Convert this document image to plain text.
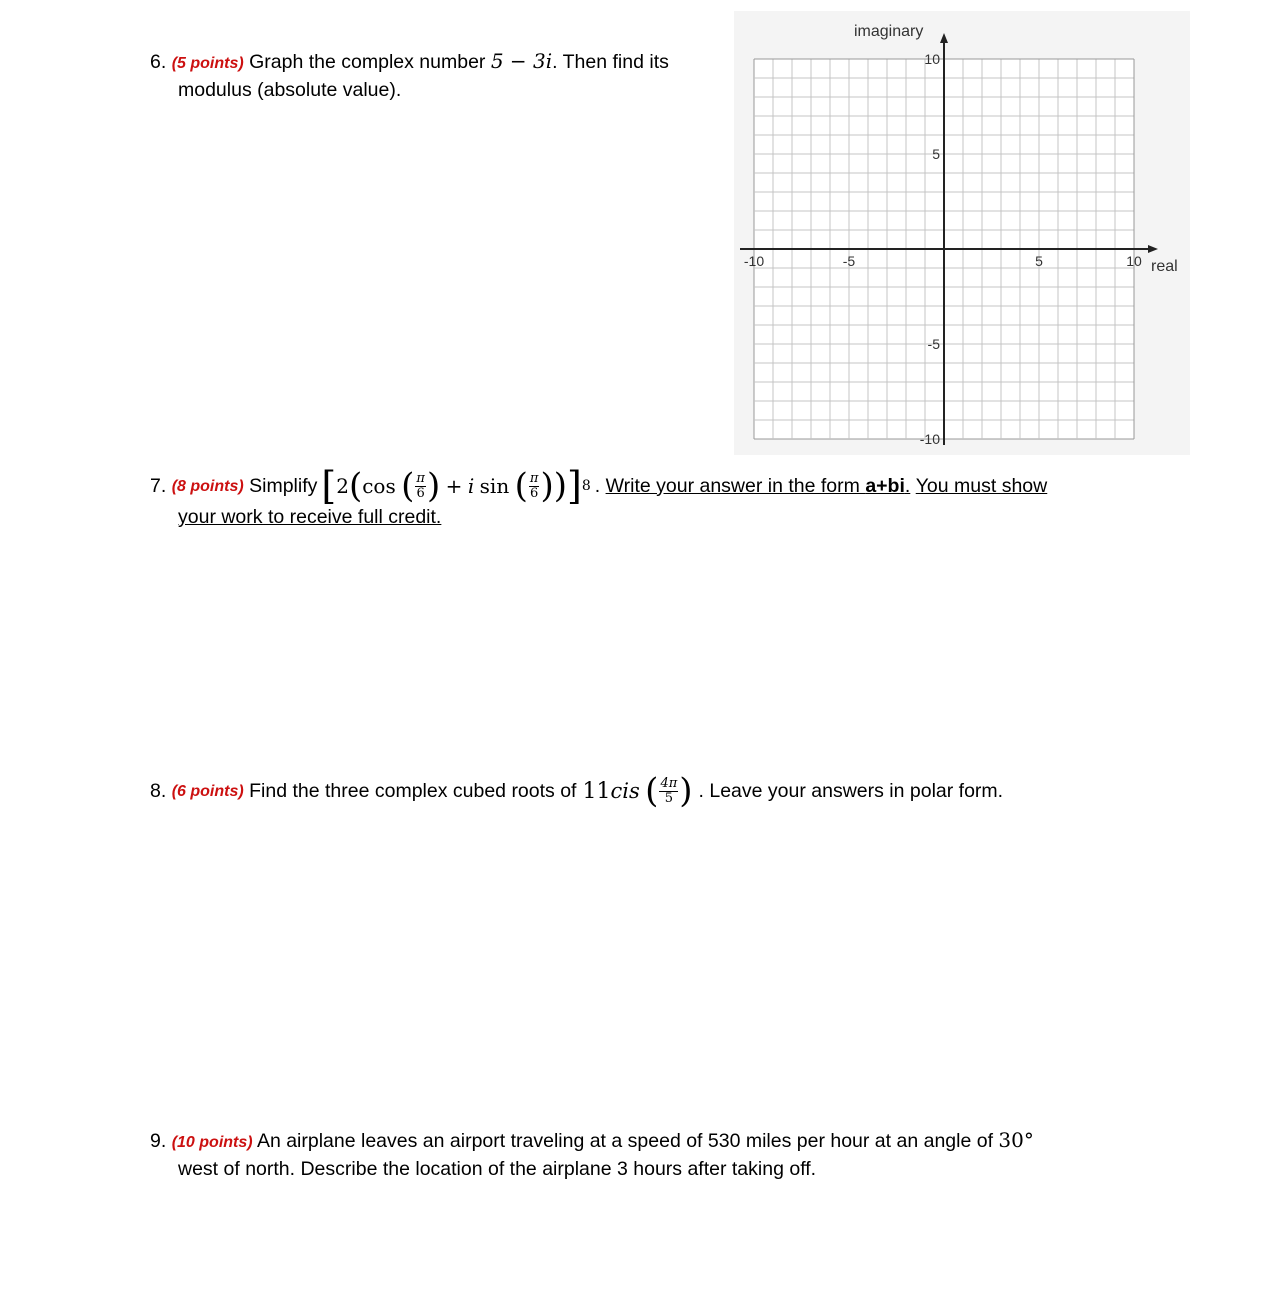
6. (5 points) Graph the complex number 5 − 3i. Then find its
modulus (absolute value).
-10	-5	5	10
10
5
-5
-10
imaginary
real
7 . (8 points)
Simplify [ 2 ( cos
( $\frac{\pi}{6}$ )
+
i
sin
( $\frac{\pi}{6}$ ) ) ] 8 .
Write your answer in the form a+bi.
You must show
your work to receive full credit.
8 . (6 points)
Find the three complex cubed roots of 11 cis
( $\frac{4\pi}{5}$ ) . Leave your answers in polar form.
9. (10 points) An airplane leaves an airport traveling at a speed of 530 miles per hour at an angle of 30°
west of north. Describe the location of the airplane 3 hours after taking off.
